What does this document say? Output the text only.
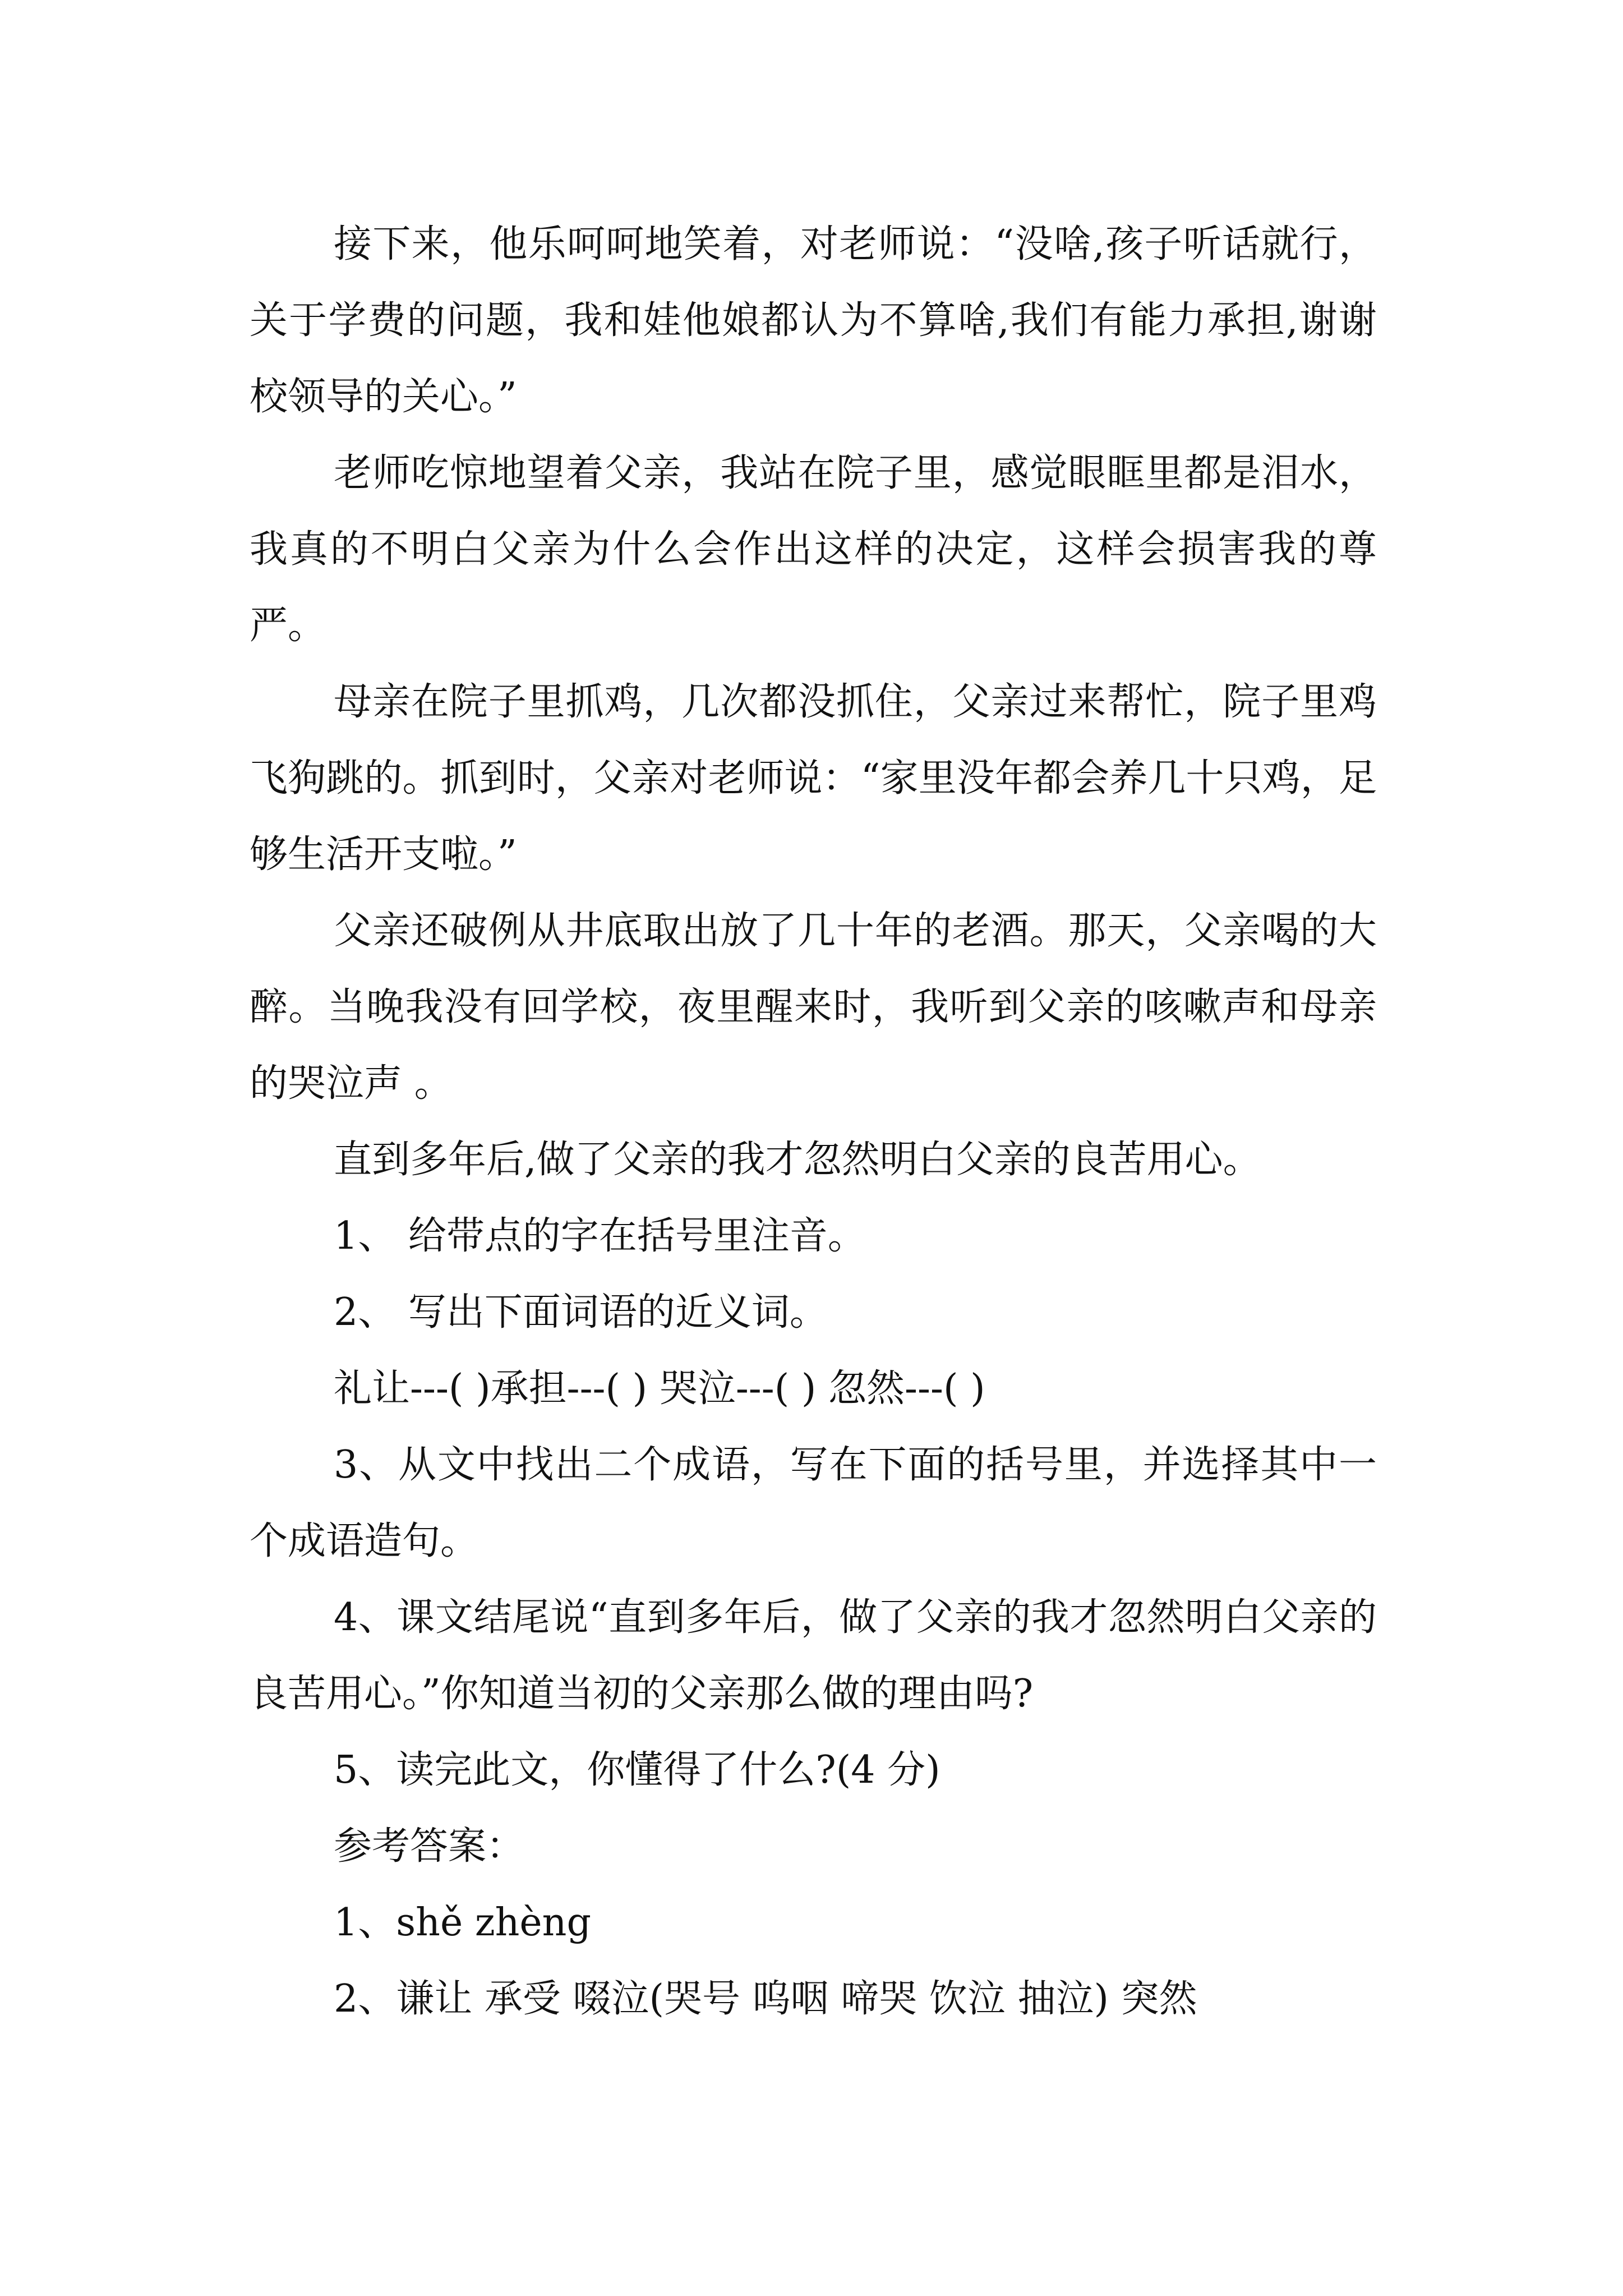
接下来，他乐呵呵地笑着，对老师说：“没啥,孩子听话就行，关于学费的问题，我和娃他娘都认为不算啥,我们有能力承担,谢谢校领导的关心。”

老师吃惊地望着父亲，我站在院子里，感觉眼眶里都是泪水，我真的不明白父亲为什么会作出这样的决定，这样会损害我的尊严。

母亲在院子里抓鸡，几次都没抓住，父亲过来帮忙，院子里鸡飞狗跳的。抓到时，父亲对老师说：“家里没年都会养几十只鸡，足够生活开支啦。”

父亲还破例从井底取出放了几十年的老酒。那天，父亲喝的大醉。当晚我没有回学校，夜里醒来时，我听到父亲的咳嗽声和母亲的哭泣声 。

直到多年后,做了父亲的我才忽然明白父亲的良苦用心。

1、 给带点的字在括号里注音。

2、 写出下面词语的近义词。

礼让---( )承担---( ) 哭泣---( ) 忽然---( )

3、从文中找出二个成语，写在下面的括号里，并选择其中一个成语造句。

4、课文结尾说“直到多年后，做了父亲的我才忽然明白父亲的良苦用心。”你知道当初的父亲那么做的理由吗?

5、读完此文，你懂得了什么?(4 分)

参考答案：

1、shě zhèng

2、谦让 承受 啜泣(哭号 呜咽 啼哭 饮泣 抽泣) 突然
